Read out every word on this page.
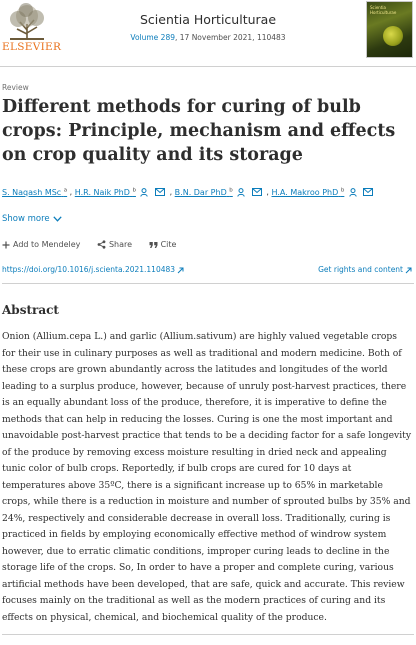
ELSEVIER
Scientia Horticulturae
Volume 289, 17 November 2021, 110483
Scientia Horticulturae
Review
Different methods for curing of bulb crops: Principle, mechanism and effects on crop quality and its storage
S. Naqash MSc $^a$ , H.R. Naik PhD $^b$	, B.N. Dar PhD $^b$	, H.A. Makroo PhD $^b$
Show more
Add to Mendeley	Share	Cite
https://doi.org/10.1016/j.scienta.2021.110483	Get rights and content
Abstract

Onion (Allium.cepa L.) and garlic (Allium.sativum) are highly valued vegetable crops for their use in culinary purposes as well as traditional and modern medicine. Both of these crops are grown abundantly across the latitudes and longitudes of the world leading to a surplus produce, however, because of unruly post-harvest practices, there is an equally abundant loss of the produce, therefore, it is imperative to define the methods that can help in reducing the losses. Curing is one the most important and unavoidable post-harvest practice that tends to be a deciding factor for a safe longevity of the produce by removing excess moisture resulting in dried neck and appealing tunic color of bulb crops. Reportedly, if bulb crops are cured for 10 days at temperatures above 35ºC, there is a significant increase up to 65% in marketable crops, while there is a reduction in moisture and number of sprouted bulbs by 35% and 24%, respectively and considerable decrease in overall loss. Traditionally, curing is practiced in fields by employing economically effective method of windrow system however, due to erratic climatic conditions, improper curing leads to decline in the storage life of the crops. So, In order to have a proper and complete curing, various artificial methods have been developed, that are safe, quick and accurate. This review focuses mainly on the traditional as well as the modern practices of curing and its effects on physical, chemical, and biochemical quality of the produce.
